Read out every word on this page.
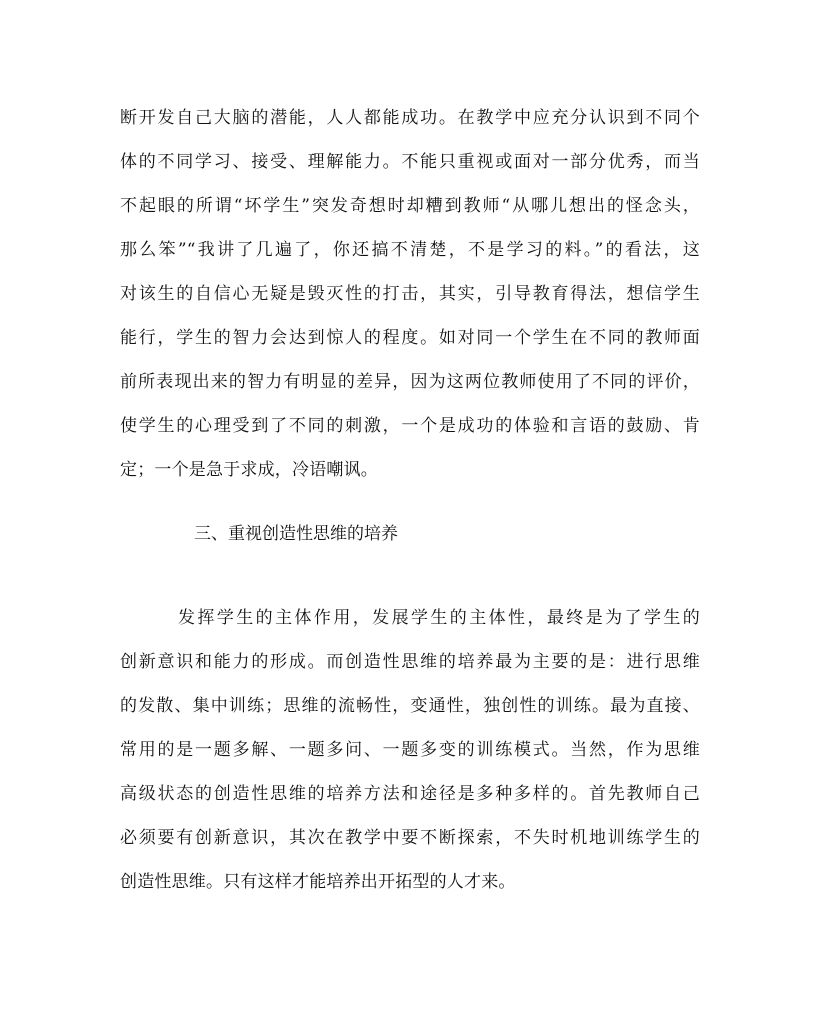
断开发自己大脑的潜能，人人都能成功。在教学中应充分认识到不同个
体的不同学习、接受、理解能力。不能只重视或面对一部分优秀，而当
不起眼的所谓“坏学生”突发奇想时却糟到教师“从哪儿想出的怪念头，
那么笨”“我讲了几遍了，你还搞不清楚，不是学习的料。”的看法，这
对该生的自信心无疑是毁灭性的打击，其实，引导教育得法，想信学生
能行，学生的智力会达到惊人的程度。如对同一个学生在不同的教师面
前所表现出来的智力有明显的差异，因为这两位教师使用了不同的评价，
使学生的心理受到了不同的刺激，一个是成功的体验和言语的鼓励、肯
定；一个是急于求成，冷语嘲讽。
三、重视创造性思维的培养
发挥学生的主体作用，发展学生的主体性，最终是为了学生的
创新意识和能力的形成。而创造性思维的培养最为主要的是：进行思维
的发散、集中训练；思维的流畅性，变通性，独创性的训练。最为直接、
常用的是一题多解、一题多问、一题多变的训练模式。当然，作为思维
高级状态的创造性思维的培养方法和途径是多种多样的。首先教师自己
必须要有创新意识，其次在教学中要不断探索，不失时机地训练学生的
创造性思维。只有这样才能培养出开拓型的人才来。
